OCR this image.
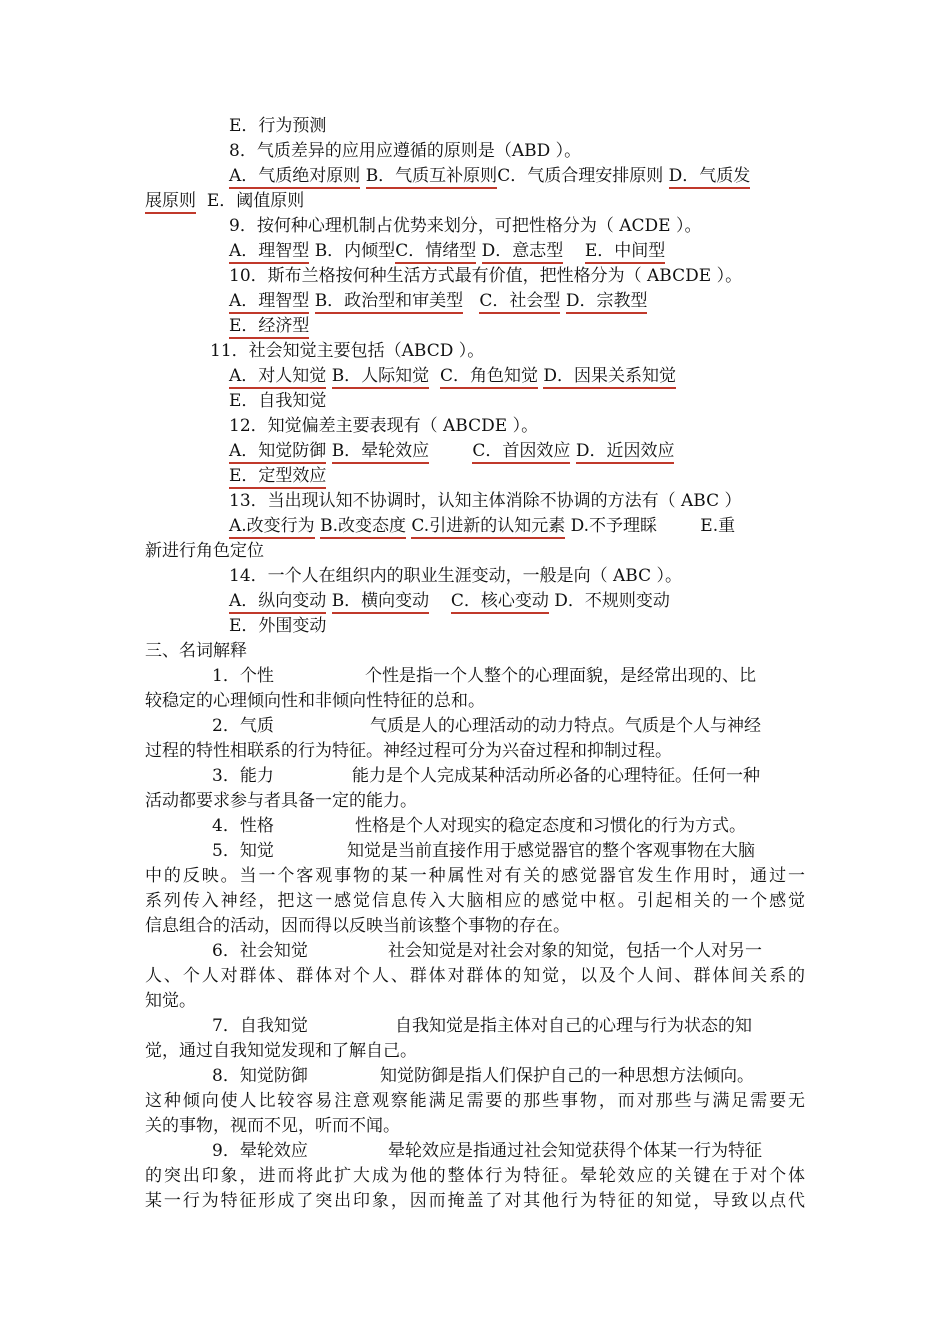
E．行为预测
8．气质差异的应用应遵循的原则是（ABD ）。
A．气质绝对原则 B．气质互补原则C．气质合理安排原则 D．气质发
展原则 E．阈值原则
9．按何种心理机制占优势来划分，可把性格分为（ ACDE ）。
A．理智型 B．内倾型C．情绪型 D．意志型 E．中间型
10．斯布兰格按何种生活方式最有价值，把性格分为（ ABCDE ）。
A．理智型 B．政治型和审美型 C．社会型 D．宗教型
E．经济型
11．社会知觉主要包括（ABCD ）。
A．对人知觉 B．人际知觉 C．角色知觉 D．因果关系知觉
E．自我知觉
12．知觉偏差主要表现有（ ABCDE ）。
A．知觉防御 B．晕轮效应	C．首因效应 D．近因效应
E．定型效应
13．当出现认知不协调时，认知主体消除不协调的方法有（ ABC ）
A.改变行为 B.改变态度 C.引进新的认知元素 D.不予理睬	E.重
新进行角色定位
14．一个人在组织内的职业生涯变动，一般是向（ ABC ）。
A．纵向变动 B．横向变动 C．核心变动 D．不规则变动
E．外围变动
三、名词解释
1．个性	个性是指一个人整个的心理面貌，是经常出现的、比
较稳定的心理倾向性和非倾向性特征的总和。
2．气质	气质是人的心理活动的动力特点。气质是个人与神经
过程的特性相联系的行为特征。神经过程可分为兴奋过程和抑制过程。
3．能力	能力是个人完成某种活动所必备的心理特征。任何一种
活动都要求参与者具备一定的能力。
4．性格	性格是个人对现实的稳定态度和习惯化的行为方式。
5．知觉	知觉是当前直接作用于感觉器官的整个客观事物在大脑
中的反映。当一个客观事物的某一种属性对有关的感觉器官发生作用时，通过一
系列传入神经，把这一感觉信息传入大脑相应的感觉中枢。引起相关的一个感觉
信息组合的活动，因而得以反映当前该整个事物的存在。
6．社会知觉	社会知觉是对社会对象的知觉，包括一个人对另一
人、个人对群体、群体对个人、群体对群体的知觉，以及个人间、群体间关系的
知觉。
7．自我知觉	自我知觉是指主体对自己的心理与行为状态的知
觉，通过自我知觉发现和了解自己。
8．知觉防御	知觉防御是指人们保护自己的一种思想方法倾向。
这种倾向使人比较容易注意观察能满足需要的那些事物，而对那些与满足需要无
关的事物，视而不见，听而不闻。
9．晕轮效应	晕轮效应是指通过社会知觉获得个体某一行为特征
的突出印象，进而将此扩大成为他的整体行为特征。晕轮效应的关键在于对个体
某一行为特征形成了突出印象，因而掩盖了对其他行为特征的知觉，导致以点代
